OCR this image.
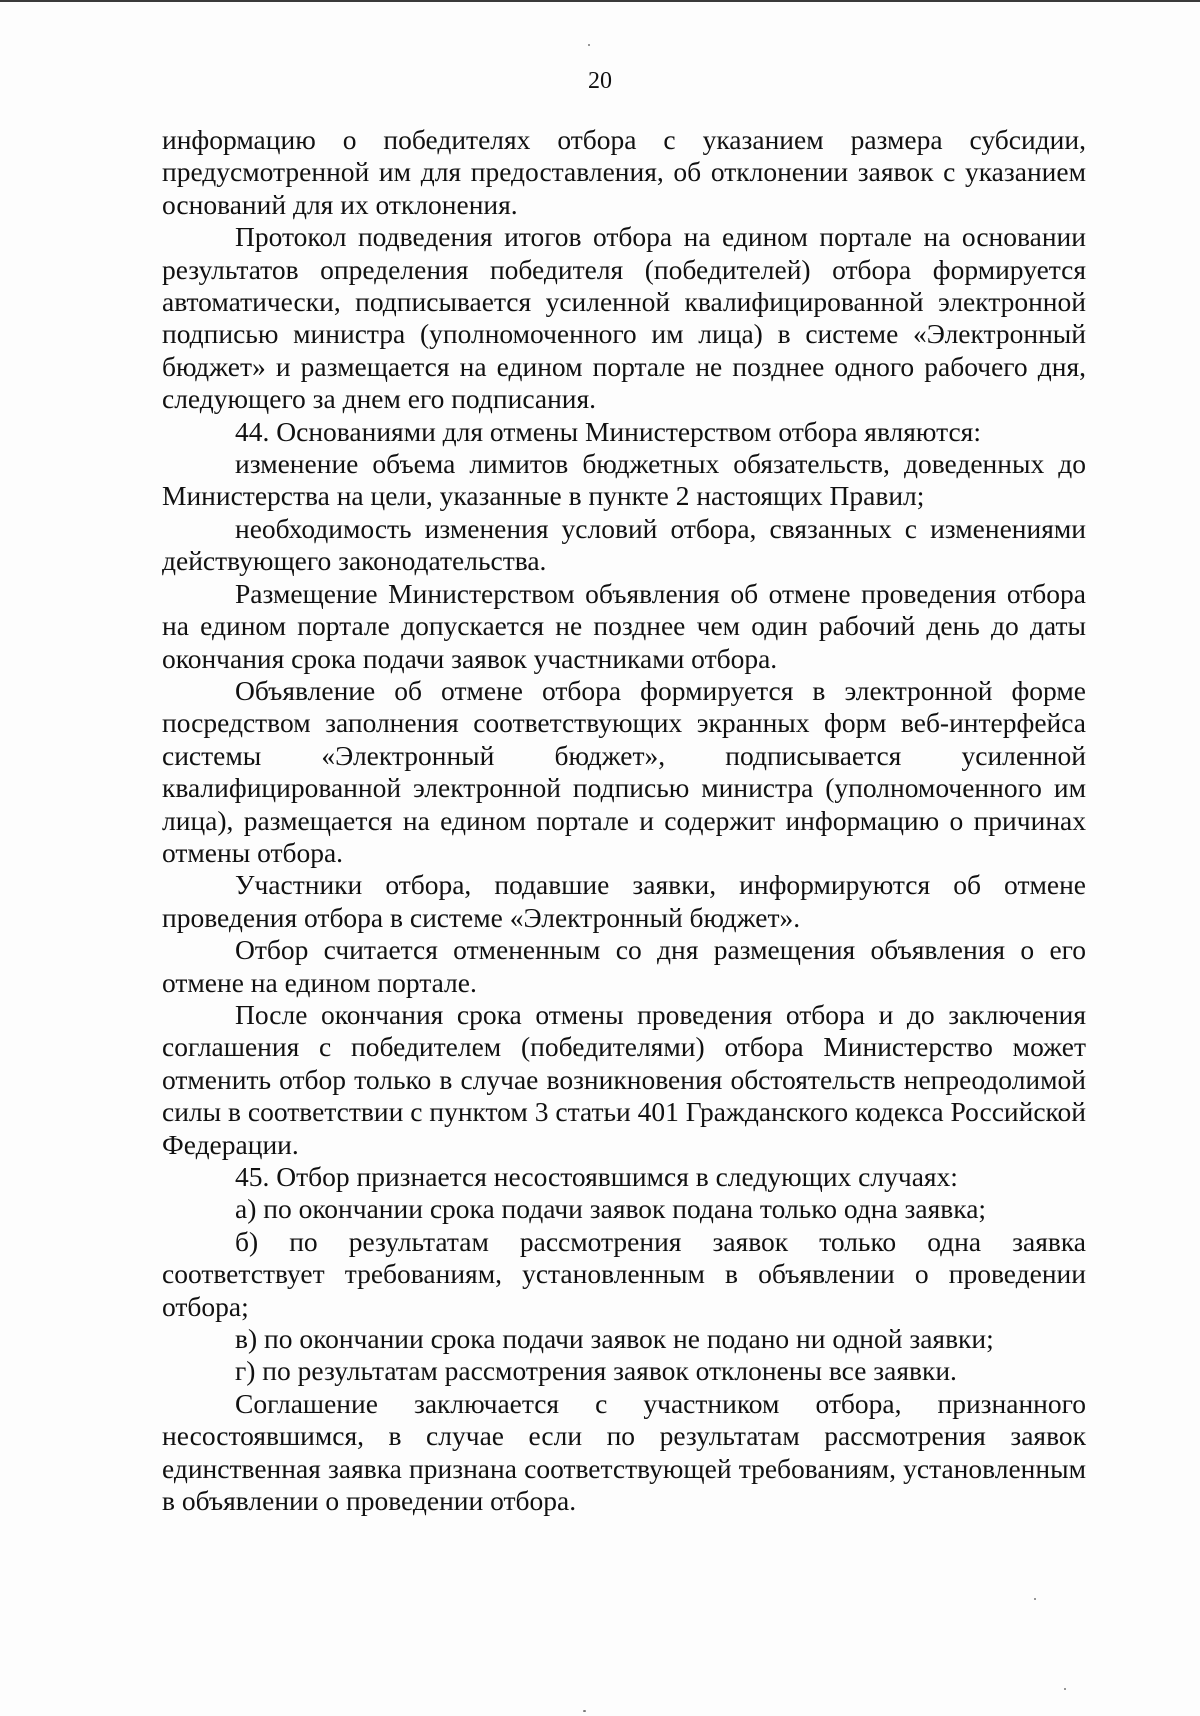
20

информацию о победителях отбора с указанием размера субсидии, предусмотренной им для предоставления, об отклонении заявок с указанием оснований для их отклонения.

Протокол подведения итогов отбора на едином портале на основании результатов определения победителя (победителей) отбора формируется автоматически, подписывается усиленной квалифицированной электронной подписью министра (уполномоченного им лица) в системе «Электронный бюджет» и размещается на едином портале не позднее одного рабочего дня, следующего за днем его подписания.

44. Основаниями для отмены Министерством отбора являются:

изменение объема лимитов бюджетных обязательств, доведенных до Министерства на цели, указанные в пункте 2 настоящих Правил;

необходимость изменения условий отбора, связанных с изменениями действующего законодательства.

Размещение Министерством объявления об отмене проведения отбора на едином портале допускается не позднее чем один рабочий день до даты окончания срока подачи заявок участниками отбора.

Объявление об отмене отбора формируется в электронной форме посредством заполнения соответствующих экранных форм веб-интерфейса системы «Электронный бюджет», подписывается усиленной квалифицированной электронной подписью министра (уполномоченного им лица), размещается на едином портале и содержит информацию о причинах отмены отбора.

Участники отбора, подавшие заявки, информируются об отмене проведения отбора в системе «Электронный бюджет».

Отбор считается отмененным со дня размещения объявления о его отмене на едином портале.

После окончания срока отмены проведения отбора и до заключения соглашения с победителем (победителями) отбора Министерство может отменить отбор только в случае возникновения обстоятельств непреодолимой силы в соответствии с пунктом 3 статьи 401 Гражданского кодекса Российской Федерации.

45. Отбор признается несостоявшимся в следующих случаях:

а) по окончании срока подачи заявок подана только одна заявка;

б) по результатам рассмотрения заявок только одна заявка соответствует требованиям, установленным в объявлении о проведении отбора;

в) по окончании срока подачи заявок не подано ни одной заявки;

г) по результатам рассмотрения заявок отклонены все заявки.

Соглашение заключается с участником отбора, признанного несостоявшимся, в случае если по результатам рассмотрения заявок единственная заявка признана соответствующей требованиям, установленным в объявлении о проведении отбора.
